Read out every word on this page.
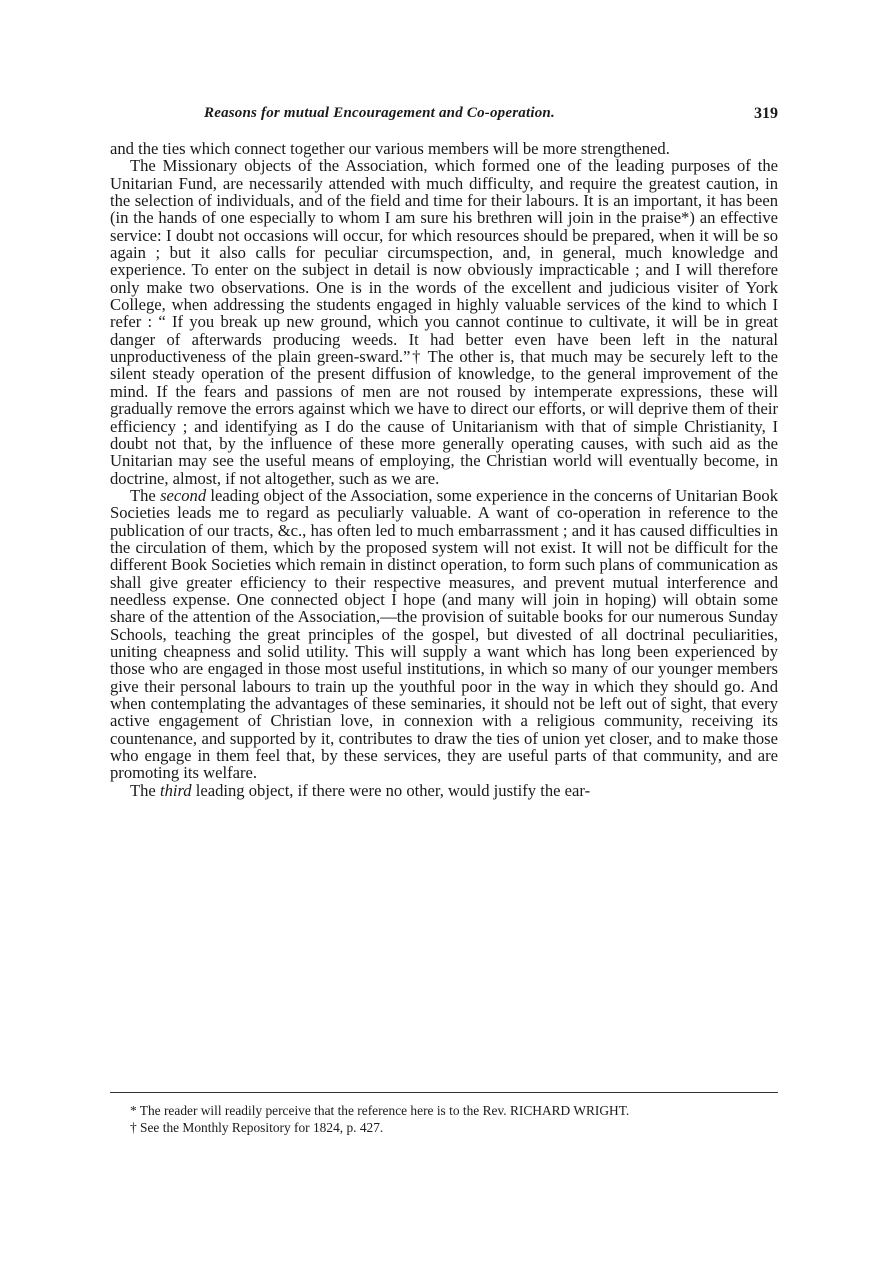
Reasons for mutual Encouragement and Co-operation.	319

and the ties which connect together our various members will be more strengthened.

The Missionary objects of the Association, which formed one of the leading purposes of the Unitarian Fund, are necessarily attended with much difficulty, and require the greatest caution, in the selection of individuals, and of the field and time for their labours. It is an important, it has been (in the hands of one especially to whom I am sure his brethren will join in the praise*) an effective service: I doubt not occasions will occur, for which resources should be prepared, when it will be so again ; but it also calls for peculiar circumspection, and, in general, much knowledge and experience. To enter on the subject in detail is now obviously impracticable ; and I will therefore only make two observations. One is in the words of the excellent and judicious visiter of York College, when addressing the students engaged in highly valuable services of the kind to which I refer : “ If you break up new ground, which you cannot continue to cultivate, it will be in great danger of afterwards producing weeds. It had better even have been left in the natural unproductiveness of the plain green-sward.”† The other is, that much may be securely left to the silent steady operation of the present diffusion of knowledge, to the general improvement of the mind. If the fears and passions of men are not roused by intemperate expressions, these will gradually remove the errors against which we have to direct our efforts, or will deprive them of their efficiency ; and identifying as I do the cause of Unitarianism with that of simple Christianity, I doubt not that, by the influence of these more generally operating causes, with such aid as the Unitarian may see the useful means of employing, the Christian world will eventually become, in doctrine, almost, if not altogether, such as we are.

The second leading object of the Association, some experience in the concerns of Unitarian Book Societies leads me to regard as peculiarly valuable. A want of co-operation in reference to the publication of our tracts, &c., has often led to much embarrassment ; and it has caused difficulties in the circulation of them, which by the proposed system will not exist. It will not be difficult for the different Book Societies which remain in distinct operation, to form such plans of communication as shall give greater efficiency to their respective measures, and prevent mutual interference and needless expense. One connected object I hope (and many will join in hoping) will obtain some share of the attention of the Association,—the provision of suitable books for our numerous Sunday Schools, teaching the great principles of the gospel, but divested of all doctrinal peculiarities, uniting cheapness and solid utility. This will supply a want which has long been experienced by those who are engaged in those most useful institutions, in which so many of our younger members give their personal labours to train up the youthful poor in the way in which they should go. And when contemplating the advantages of these seminaries, it should not be left out of sight, that every active engagement of Christian love, in connexion with a religious community, receiving its countenance, and supported by it, contributes to draw the ties of union yet closer, and to make those who engage in them feel that, by these services, they are useful parts of that community, and are promoting its welfare.

The third leading object, if there were no other, would justify the ear-

* The reader will readily perceive that the reference here is to the Rev. RICHARD WRIGHT.

† See the Monthly Repository for 1824, p. 427.
